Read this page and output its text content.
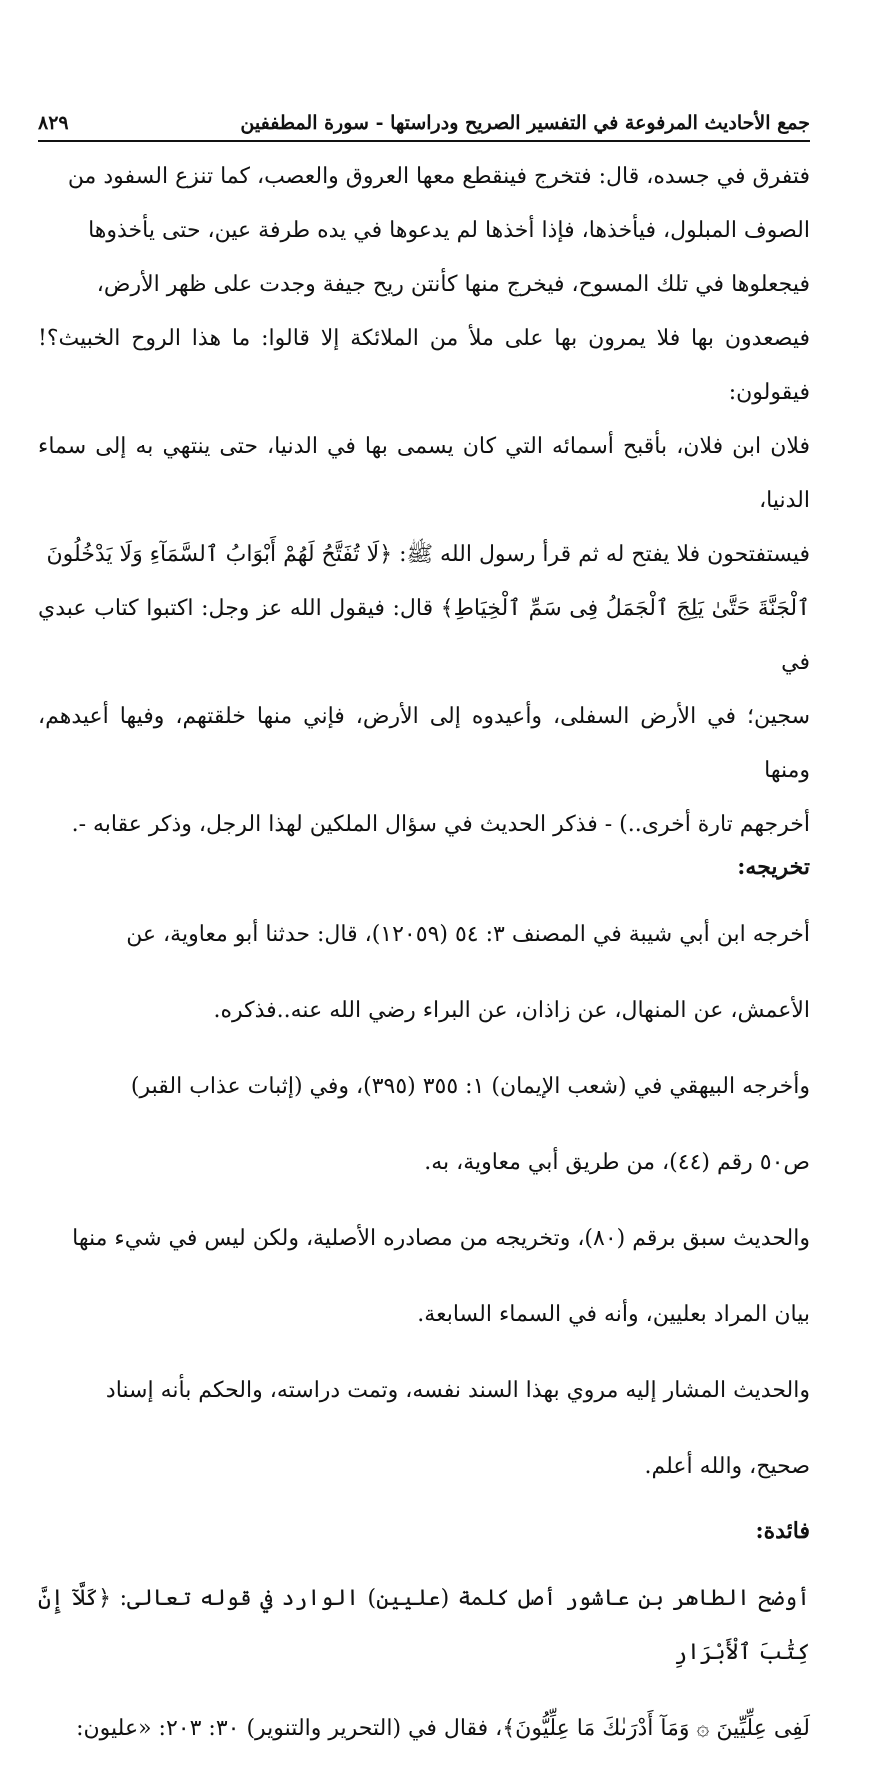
جمع الأحاديث المرفوعة في التفسير الصريح ودراستها - سورة المطففين
٨٢٩

فتفرق في جسده، قال: فتخرج فينقطع معها العروق والعصب، كما تنزع السفود من

الصوف المبلول، فيأخذها، فإذا أخذها لم يدعوها في يده طرفة عين، حتى يأخذوها

فيجعلوها في تلك المسوح، فيخرج منها كأنتن ريح جيفة وجدت على ظهر الأرض،

فيصعدون بها فلا يمرون بها على ملأ من الملائكة إلا قالوا: ما هذا الروح الخبيث؟! فيقولون:

فلان ابن فلان، بأقبح أسمائه التي كان يسمى بها في الدنيا، حتى ينتهي به إلى سماء الدنيا،

فيستفتحون فلا يفتح له ثم قرأ رسول الله ﷺ: ﴿لَا تُفَتَّحُ لَهُمْ أَبْوَابُ ٱلسَّمَآءِ وَلَا يَدْخُلُونَ

ٱلْجَنَّةَ حَتَّىٰ يَلِجَ ٱلْجَمَلُ فِى سَمِّ ٱلْخِيَاطِ﴾ قال: فيقول الله عز وجل: اكتبوا كتاب عبدي في

سجين؛ في الأرض السفلى، وأعيدوه إلى الأرض، فإني منها خلقتهم، وفيها أعيدهم، ومنها

أخرجهم تارة أخرى..) - فذكر الحديث في سؤال الملكين لهذا الرجل، وذكر عقابه -.

تخريجه:

أخرجه ابن أبي شيبة في المصنف ٣: ٥٤ (١٢٠٥٩)، قال: حدثنا أبو معاوية، عن

الأعمش، عن المنهال، عن زاذان، عن البراء رضي الله عنه..فذكره.

وأخرجه البيهقي في (شعب الإيمان) ١: ٣٥٥ (٣٩٥)، وفي (إثبات عذاب القبر)

ص٥٠ رقم (٤٤)، من طريق أبي معاوية، به.

والحديث سبق برقم (٨٠)، وتخريجه من مصادره الأصلية، ولكن ليس في شيء منها

بيان المراد بعليين، وأنه في السماء السابعة.

والحديث المشار إليه مروي بهذا السند نفسه، وتمت دراسته، والحكم بأنه إسناد

صحيح، والله أعلم.

فائدة:

أوضح الطاهر بن عاشور أصل كلمة (عليين) الوارد في قوله تعالى: ﴿كَلَّآ إِنَّ كِتَٰبَ ٱلْأَبْرَارِ

لَفِى عِلِّيِّينَ ۞ وَمَآ أَدْرَىٰكَ مَا عِلِّيُّونَ﴾، فقال في (التحرير والتنوير) ٣٠: ٢٠٣: «عليون:
